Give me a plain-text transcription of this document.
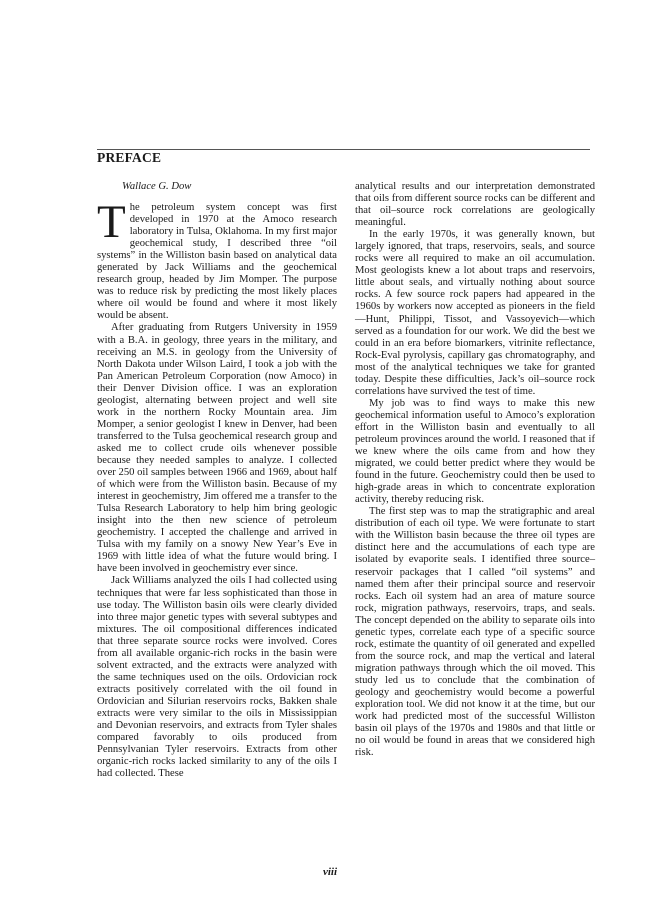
PREFACE
Wallace G. Dow

The petroleum system concept was first developed in 1970 at the Amoco research laboratory in Tulsa, Oklahoma. In my first major geochemical study, I described three “oil systems” in the Williston basin based on analytical data generated by Jack Williams and the geochemical research group, headed by Jim Momper. The purpose was to reduce risk by predicting the most likely places where oil would be found and where it most likely would be absent.

After graduating from Rutgers University in 1959 with a B.A. in geology, three years in the military, and receiving an M.S. in geology from the University of North Dakota under Wilson Laird, I took a job with the Pan American Petroleum Corporation (now Amoco) in their Denver Division office. I was an exploration geologist, alternating between project and well site work in the northern Rocky Mountain area. Jim Momper, a senior geologist I knew in Denver, had been transferred to the Tulsa geochemical research group and asked me to collect crude oils whenever possible because they needed samples to analyze. I collected over 250 oil samples between 1966 and 1969, about half of which were from the Williston basin. Because of my interest in geochemistry, Jim offered me a transfer to the Tulsa Research Laboratory to help him bring geologic insight into the then new science of petroleum geochemistry. I accepted the challenge and arrived in Tulsa with my family on a snowy New Year’s Eve in 1969 with little idea of what the future would bring. I have been involved in geochemistry ever since.

Jack Williams analyzed the oils I had collected using techniques that were far less sophisticated than those in use today. The Williston basin oils were clearly divided into three major genetic types with several subtypes and mixtures. The oil compositional differences indicated that three separate source rocks were involved. Cores from all available organic-rich rocks in the basin were solvent extracted, and the extracts were analyzed with the same techniques used on the oils. Ordovician rock extracts positively correlated with the oil found in Ordovician and Silurian reservoirs rocks, Bakken shale extracts were very similar to the oils in Mississippian and Devonian reservoirs, and extracts from Tyler shales compared favorably to oils produced from Pennsylvanian Tyler reservoirs. Extracts from other organic-rich rocks lacked similarity to any of the oils I had collected. These

analytical results and our interpretation demonstrated that oils from different source rocks can be different and that oil–source rock correlations are geologically meaningful.

In the early 1970s, it was generally known, but largely ignored, that traps, reservoirs, seals, and source rocks were all required to make an oil accumulation. Most geologists knew a lot about traps and reservoirs, little about seals, and virtually nothing about source rocks. A few source rock papers had appeared in the 1960s by workers now accepted as pioneers in the field—Hunt, Philippi, Tissot, and Vassoyevich—which served as a foundation for our work. We did the best we could in an era before biomarkers, vitrinite reflectance, Rock-Eval pyrolysis, capillary gas chromatography, and most of the analytical techniques we take for granted today. Despite these difficulties, Jack’s oil–source rock correlations have survived the test of time.

My job was to find ways to make this new geochemical information useful to Amoco’s exploration effort in the Williston basin and eventually to all petroleum provinces around the world. I reasoned that if we knew where the oils came from and how they migrated, we could better predict where they would be found in the future. Geochemistry could then be used to high-grade areas in which to concentrate exploration activity, thereby reducing risk.

The first step was to map the stratigraphic and areal distribution of each oil type. We were fortunate to start with the Williston basin because the three oil types are distinct here and the accumulations of each type are isolated by evaporite seals. I identified three source–reservoir packages that I called “oil systems” and named them after their principal source and reservoir rocks. Each oil system had an area of mature source rock, migration pathways, reservoirs, traps, and seals. The concept depended on the ability to separate oils into genetic types, correlate each type of a specific source rock, estimate the quantity of oil generated and expelled from the source rock, and map the vertical and lateral migration pathways through which the oil moved. This study led us to conclude that the combination of geology and geochemistry would become a powerful exploration tool. We did not know it at the time, but our work had predicted most of the successful Williston basin oil plays of the 1970s and 1980s and that little or no oil would be found in areas that we considered high risk.

viii
